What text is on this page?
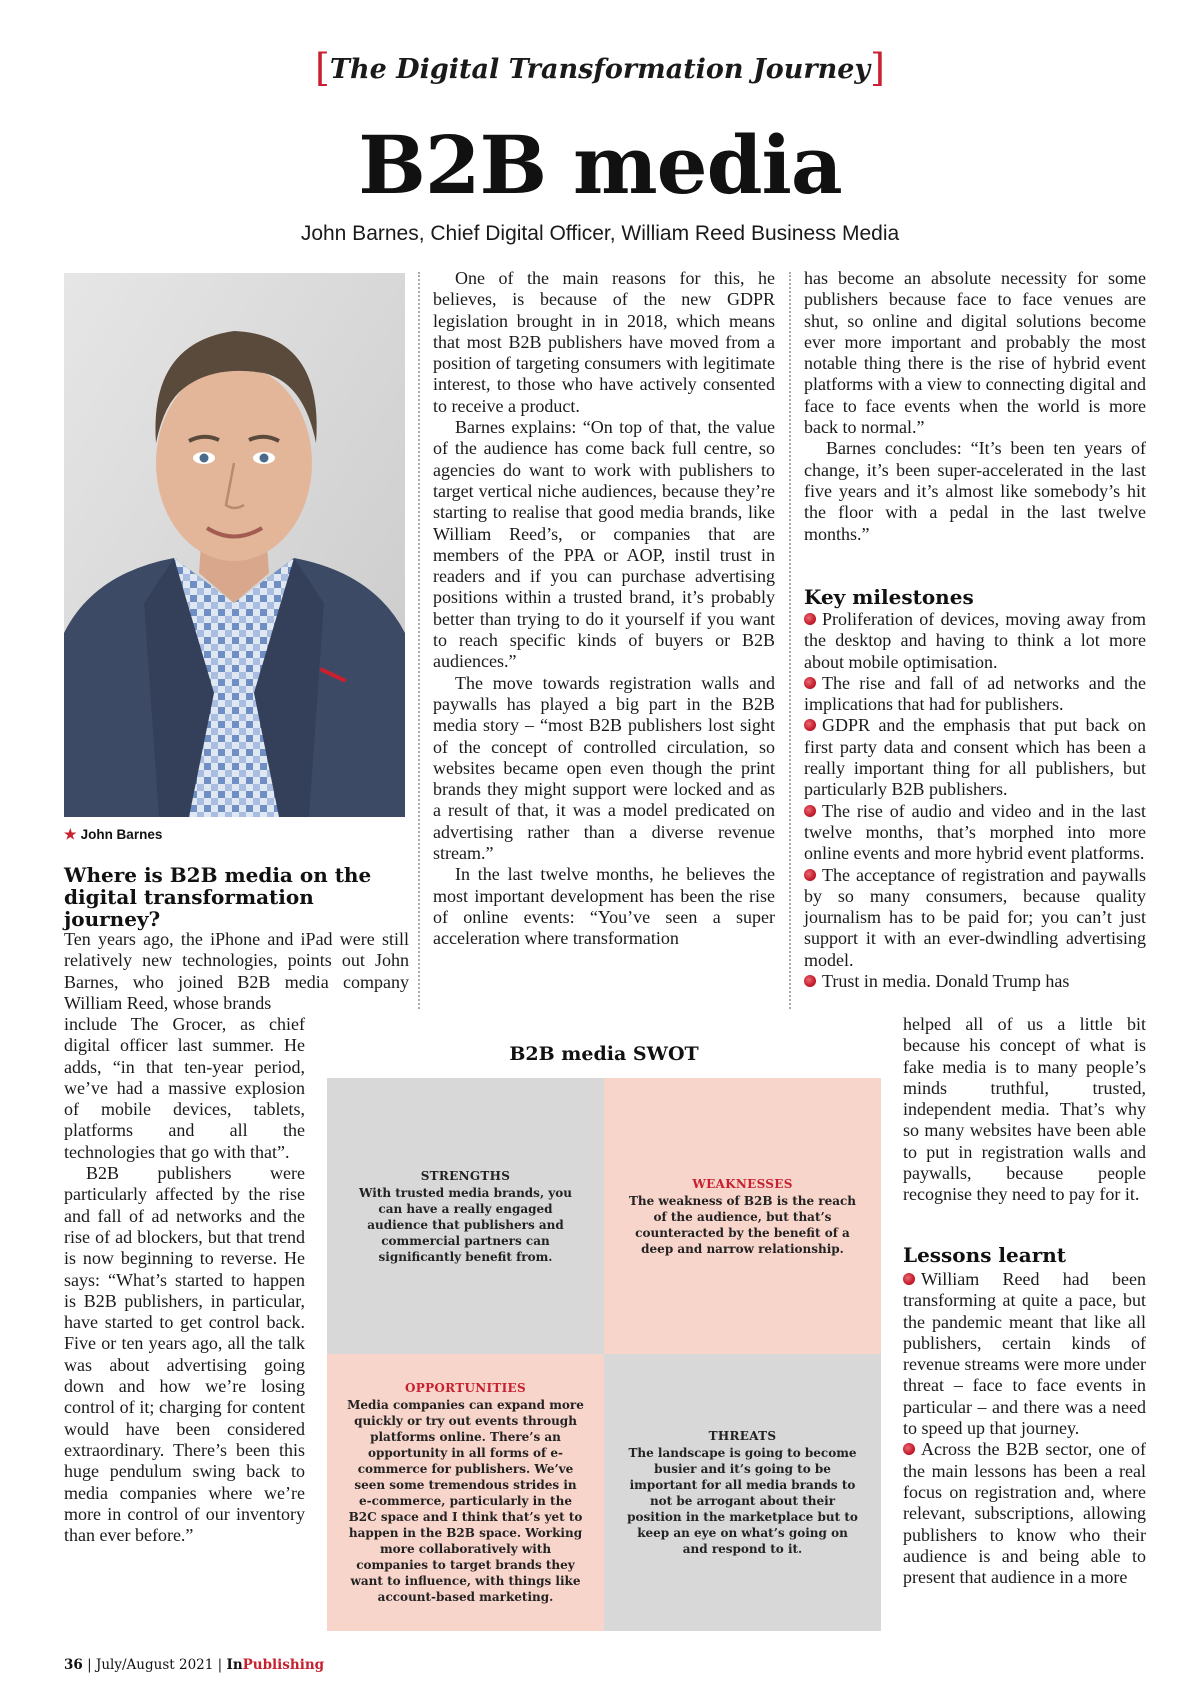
[The Digital Transformation Journey]
B2B media
John Barnes, Chief Digital Officer, William Reed Business Media
★ John Barnes
Where is B2B media on the digital transformation journey?

Ten years ago, the iPhone and iPad were still relatively new technologies, points out John Barnes, who joined B2B media company William Reed, whose brands

include The Grocer, as chief digital officer last summer. He adds, “in that ten-year period, we’ve had a massive explosion of mobile devices, tablets, platforms and all the technologies that go with that”.

B2B publishers were particularly affected by the rise and fall of ad networks and the rise of ad blockers, but that trend is now beginning to reverse. He says: “What’s started to happen is B2B publishers, in particular, have started to get control back. Five or ten years ago, all the talk was about advertising going down and how we’re losing control of it; charging for content would have been considered extraordinary. There’s been this huge pendulum swing back to media companies where we’re more in control of our inventory than ever before.”

One of the main reasons for this, he believes, is because of the new GDPR legislation brought in in 2018, which means that most B2B publishers have moved from a position of targeting consumers with legitimate interest, to those who have actively consented to receive a product.

Barnes explains: “On top of that, the value of the audience has come back full centre, so agencies do want to work with publishers to target vertical niche audiences, because they’re starting to realise that good media brands, like William Reed’s, or companies that are members of the PPA or AOP, instil trust in readers and if you can purchase advertising positions within a trusted brand, it’s probably better than trying to do it yourself if you want to reach specific kinds of buyers or B2B audiences.”

The move towards registration walls and paywalls has played a big part in the B2B media story – “most B2B publishers lost sight of the concept of controlled circulation, so websites became open even though the print brands they might support were locked and as a result of that, it was a model predicated on advertising rather than a diverse revenue stream.”

In the last twelve months, he believes the most important development has been the rise of online events: “You’ve seen a super acceleration where transformation

has become an absolute necessity for some publishers because face to face venues are shut, so online and digital solutions become ever more important and probably the most notable thing there is the rise of hybrid event platforms with a view to connecting digital and face to face events when the world is more back to normal.”

Barnes concludes: “It’s been ten years of change, it’s been super-accelerated in the last five years and it’s almost like somebody’s hit the floor with a pedal in the last twelve months.”

Key milestones

Proliferation of devices, moving away from the desktop and having to think a lot more about mobile optimisation.

The rise and fall of ad networks and the implications that had for publishers.

GDPR and the emphasis that put back on first party data and consent which has been a really important thing for all publishers, but particularly B2B publishers.

The rise of audio and video and in the last twelve months, that’s morphed into more online events and more hybrid event platforms.

The acceptance of registration and paywalls by so many consumers, because quality journalism has to be paid for; you can’t just support it with an ever-dwindling advertising model.

Trust in media. Donald Trump has

helped all of us a little bit because his concept of what is fake media is to many people’s minds truthful, trusted, independent media. That’s why so many websites have been able to put in registration walls and paywalls, because people recognise they need to pay for it.

Lessons learnt

William Reed had been transforming at quite a pace, but the pandemic meant that like all publishers, certain kinds of revenue streams were more under threat – face to face events in particular – and there was a need to speed up that journey.

Across the B2B sector, one of the main lessons has been a real focus on registration and, where relevant, subscriptions, allowing publishers to know who their audience is and being able to present that audience in a more

B2B media SWOT
STRENGTHS
With trusted media brands, you can have a really engaged audience that publishers and commercial partners can significantly benefit from.
WEAKNESSES
The weakness of B2B is the reach of the audience, but that’s counteracted by the benefit of a deep and narrow relationship.
OPPORTUNITIES
Media companies can expand more quickly or try out events through platforms online. There’s an opportunity in all forms of e-commerce for publishers. We’ve seen some tremendous strides in e-commerce, particularly in the B2C space and I think that’s yet to happen in the B2B space. Working more collaboratively with companies to target brands they want to influence, with things like account-based marketing.
THREATS
The landscape is going to become busier and it’s going to be important for all media brands to not be arrogant about their position in the marketplace but to keep an eye on what’s going on and respond to it.
36 | July/August 2021 | InPublishing
